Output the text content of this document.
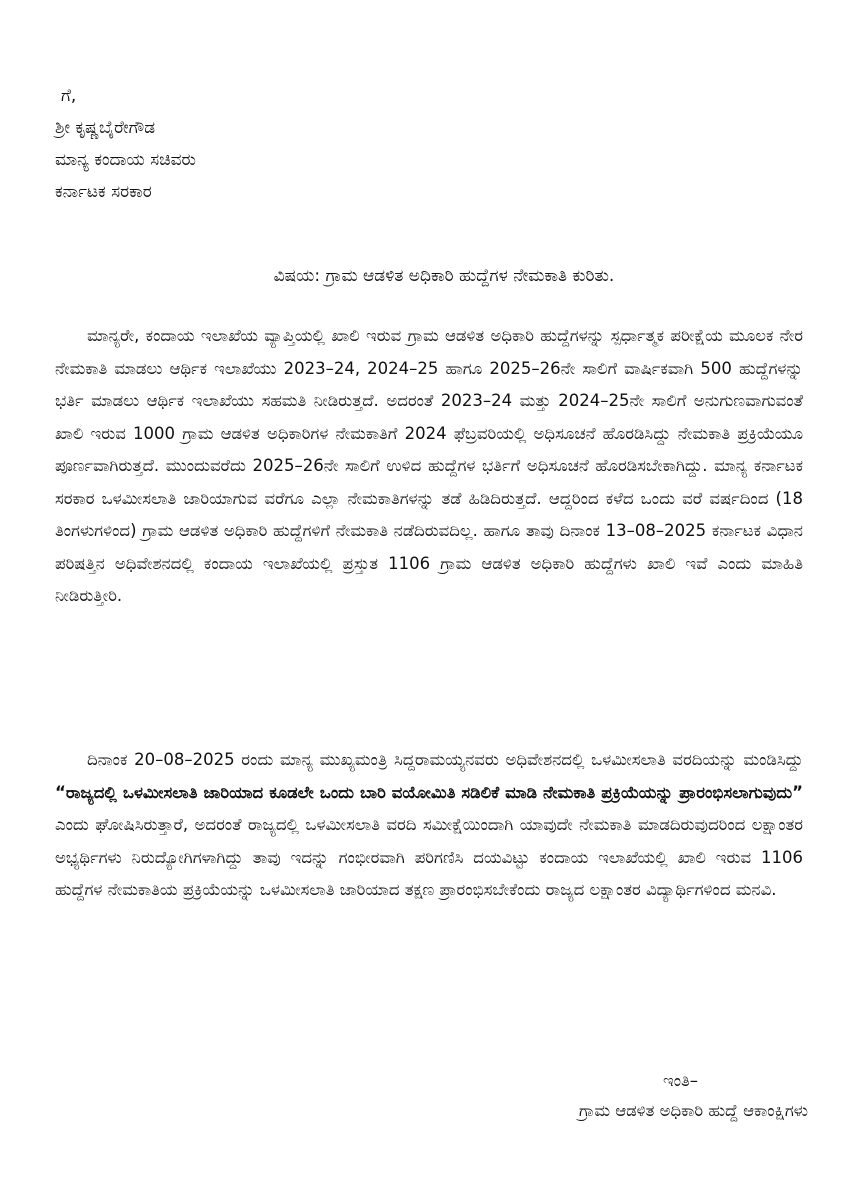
ಗೆ,
ಶ್ರೀ ಕೃಷ್ಣಬೈರೇಗೌಡ
ಮಾನ್ಯ ಕಂದಾಯ ಸಚಿವರು
ಕರ್ನಾಟಕ ಸರಕಾರ
ವಿಷಯ: ಗ್ರಾಮ ಆಡಳಿತ ಅಧಿಕಾರಿ ಹುದ್ದೆಗಳ ನೇಮಕಾತಿ ಕುರಿತು.

ಮಾನ್ಯರೇ, ಕಂದಾಯ ಇಲಾಖೆಯ ವ್ಯಾಪ್ತಿಯಲ್ಲಿ ಖಾಲಿ ಇರುವ ಗ್ರಾಮ ಆಡಳಿತ ಅಧಿಕಾರಿ ಹುದ್ದೆಗಳನ್ನು ಸ್ಪರ್ಧಾತ್ಮಕ ಪರೀಕ್ಷೆಯ ಮೂಲಕ ನೇರ ನೇಮಕಾತಿ ಮಾಡಲು ಆರ್ಥಿಕ ಇಲಾಖೆಯು 2023–24, 2024–25 ಹಾಗೂ 2025–26ನೇ ಸಾಲಿಗೆ ವಾರ್ಷಿಕವಾಗಿ 500 ಹುದ್ದೆಗಳನ್ನು ಭರ್ತಿ ಮಾಡಲು ಆರ್ಥಿಕ ಇಲಾಖೆಯು ಸಹಮತಿ ನೀಡಿರುತ್ತದೆ. ಅದರಂತೆ 2023–24 ಮತ್ತು 2024–25ನೇ ಸಾಲಿಗೆ ಅನುಗುಣವಾಗುವಂತೆ ಖಾಲಿ ಇರುವ 1000 ಗ್ರಾಮ ಆಡಳಿತ ಅಧಿಕಾರಿಗಳ ನೇಮಕಾತಿಗೆ 2024 ಫೆಬ್ರವರಿಯಲ್ಲಿ ಅಧಿಸೂಚನೆ ಹೊರಡಿಸಿದ್ದು ನೇಮಕಾತಿ ಪ್ರಕ್ರಿಯೆಯೂ ಪೂರ್ಣವಾಗಿರುತ್ತದೆ. ಮುಂದುವರೆದು 2025–26ನೇ ಸಾಲಿಗೆ ಉಳಿದ ಹುದ್ದೆಗಳ ಭರ್ತಿಗೆ ಅಧಿಸೂಚನೆ ಹೊರಡಿಸಬೇಕಾಗಿದ್ದು. ಮಾನ್ಯ ಕರ್ನಾಟಕ ಸರಕಾರ ಒಳಮೀಸಲಾತಿ ಜಾರಿಯಾಗುವ ವರೆಗೂ ಎಲ್ಲಾ ನೇಮಕಾತಿಗಳನ್ನು ತಡೆ ಹಿಡಿದಿರುತ್ತದೆ. ಆದ್ದರಿಂದ ಕಳೆದ ಒಂದು ವರೆ ವರ್ಷದಿಂದ (18 ತಿಂಗಳುಗಳಿಂದ) ಗ್ರಾಮ ಆಡಳಿತ ಅಧಿಕಾರಿ ಹುದ್ದೆಗಳಿಗೆ ನೇಮಕಾತಿ ನಡೆದಿರುವದಿಲ್ಲ. ಹಾಗೂ ತಾವು ದಿನಾಂಕ 13–08–2025 ಕರ್ನಾಟಕ ವಿಧಾನ ಪರಿಷತ್ತಿನ ಅಧಿವೇಶನದಲ್ಲಿ ಕಂದಾಯ ಇಲಾಖೆಯಲ್ಲಿ ಪ್ರಸ್ತುತ 1106 ಗ್ರಾಮ ಆಡಳಿತ ಅಧಿಕಾರಿ ಹುದ್ದೆಗಳು ಖಾಲಿ ಇವೆ ಎಂದು ಮಾಹಿತಿ ನೀಡಿರುತ್ತೀರಿ.

ದಿನಾಂಕ 20–08–2025 ರಂದು ಮಾನ್ಯ ಮುಖ್ಯಮಂತ್ರಿ ಸಿದ್ದರಾಮಯ್ಯನವರು ಅಧಿವೇಶನದಲ್ಲಿ ಒಳಮೀಸಲಾತಿ ವರದಿಯನ್ನು ಮಂಡಿಸಿದ್ದು “ರಾಜ್ಯದಲ್ಲಿ ಒಳಮೀಸಲಾತಿ ಜಾರಿಯಾದ ಕೂಡಲೇ ಒಂದು ಬಾರಿ ವಯೋಮಿತಿ ಸಡಿಲಿಕೆ ಮಾಡಿ ನೇಮಕಾತಿ ಪ್ರಕ್ರಿಯೆಯನ್ನು ಪ್ರಾರಂಭಿಸಲಾಗುವುದು” ಎಂದು ಘೋಷಿಸಿರುತ್ತಾರೆ, ಅದರಂತೆ ರಾಜ್ಯದಲ್ಲಿ ಒಳಮೀಸಲಾತಿ ವರದಿ ಸಮೀಕ್ಷೆಯಿಂದಾಗಿ ಯಾವುದೇ ನೇಮಕಾತಿ ಮಾಡದಿರುವುದರಿಂದ ಲಕ್ಷಾಂತರ ಅಭ್ಯರ್ಥಿಗಳು ನಿರುದ್ಯೋಗಿಗಳಾಗಿದ್ದು ತಾವು ಇದನ್ನು ಗಂಭೀರವಾಗಿ ಪರಿಗಣಿಸಿ ದಯವಿಟ್ಟು ಕಂದಾಯ ಇಲಾಖೆಯಲ್ಲಿ ಖಾಲಿ ಇರುವ 1106 ಹುದ್ದೆಗಳ ನೇಮಕಾತಿಯ ಪ್ರಕ್ರಿಯೆಯನ್ನು ಒಳಮೀಸಲಾತಿ ಜಾರಿಯಾದ ತಕ್ಷಣ ಪ್ರಾರಂಭಿಸಬೇಕೆಂದು ರಾಜ್ಯದ ಲಕ್ಷಾಂತರ ವಿದ್ಯಾರ್ಥಿಗಳಿಂದ ಮನವಿ.

ಇಂತಿ–
ಗ್ರಾಮ ಆಡಳಿತ ಅಧಿಕಾರಿ ಹುದ್ದೆ ಆಕಾಂಕ್ಷಿಗಳು
